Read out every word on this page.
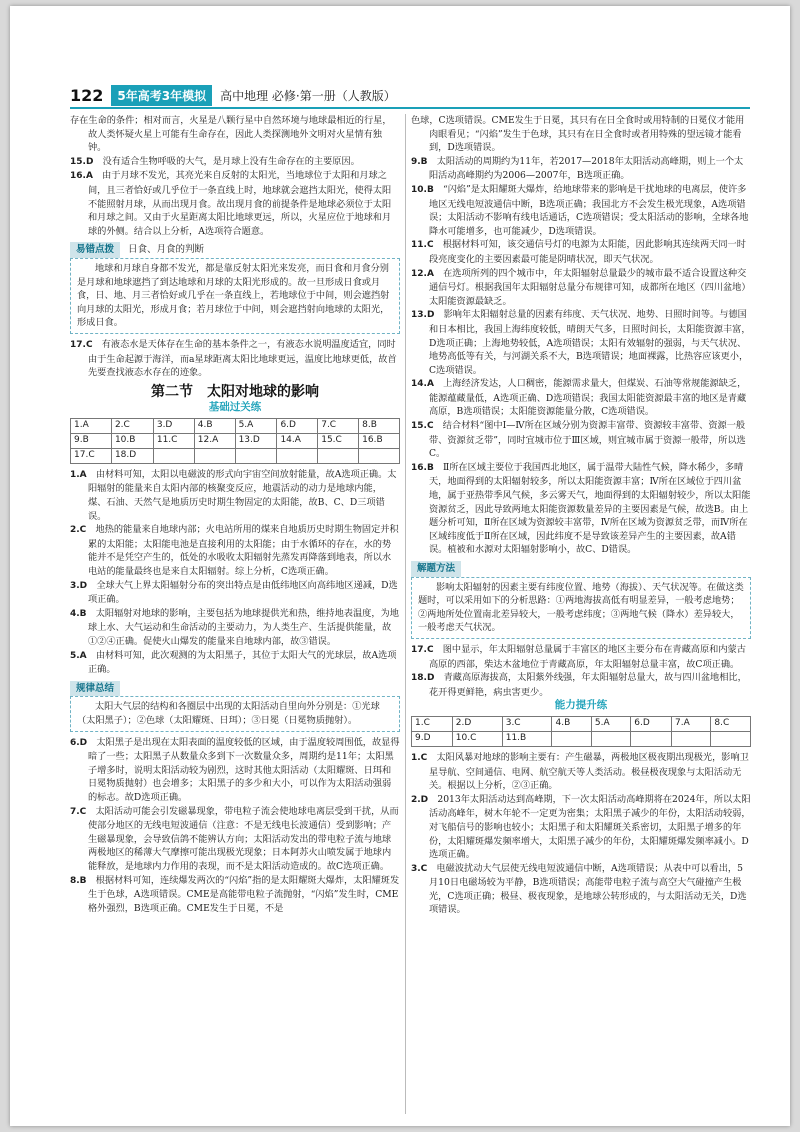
122	5年高考3年模拟	高中地理 必修·第一册（人教版）

存在生命的条件；相对而言，火星是八颗行星中自然环境与地球最相近的行星，故人类怀疑火星上可能有生命存在，因此人类探测地外文明对火星情有独钟。

15.D　 没有适合生物呼吸的大气，是月球上没有生命存在的主要原因。

16.A　 由于月球不发光，其亮光来自反射的太阳光，当地球位于太阳和月球之间，且三者恰好或几乎位于一条直线上时，地球就会遮挡太阳光，使得太阳不能照射月球，从而出现月食。故出现月食的前提条件是地球必须位于太阳和月球之间。又由于火星距离太阳比地球更远，所以，火星应位于地球和月球的外侧。结合以上分析，A选项符合题意。

易错点拨	日食、月食的判断
地球和月球自身都不发光，都是靠反射太阳光来发亮，而日食和月食分别是月球和地球遮挡了到达地球和月球的太阳光形成的。故一旦形成日食或月食，日、地、月三者恰好或几乎在一条直线上，若地球位于中间，则会遮挡射向月球的太阳光，形成月食；若月球位于中间，则会遮挡射向地球的太阳光，形成日食。

17.C　 有液态水是天体存在生命的基本条件之一，有液态水说明温度适宜，同时由于生命起源于海洋，而a星球距离太阳比地球更远，温度比地球更低，故首先要查找液态水存在的迹象。

第二节　太阳对地球的影响
基础过关练
1.A	2.C	3.D	4.B	5.A	6.D	7.C	8.B
9.B	10.B	11.C	12.A	13.D	14.A	15.C	16.B
17.C	18.D						

1.A　 由材料可知，太阳以电磁波的形式向宇宙空间放射能量，故A选项正确。太阳辐射的能量来自太阳内部的核聚变反应，地震活动的动力是地球内能，煤、石油、天然气是地质历史时期生物固定的太阳能，故B、C、D三项错误。

2.C　 地热的能量来自地球内部；火电站所用的煤来自地质历史时期生物固定并积累的太阳能；太阳能电池是直接利用的太阳能；由于水循环的存在，水的势能并不是凭空产生的，低处的水吸收太阳辐射先蒸发再降落到地表，所以水电站的能量最终也是来自太阳辐射。综上分析，C选项正确。

3.D　 全球大气上界太阳辐射分布的突出特点是由低纬地区向高纬地区递减，D选项正确。

4.B　 太阳辐射对地球的影响，主要包括为地球提供光和热，维持地表温度，为地球上水、大气运动和生命活动的主要动力，为人类生产、生活提供能量，故①②④正确。促使火山爆发的能量来自地球内部，故③错误。

5.A　 由材料可知，此次观测的为太阳黑子，其位于太阳大气的光球层，故A选项正确。

规律总结
太阳大气层的结构和各圈层中出现的太阳活动自里向外分别是：①光球（太阳黑子）；②色球（太阳耀斑、日珥）；③日冕（日冕物质抛射）。

6.D　 太阳黑子是出现在太阳表面的温度较低的区域，由于温度较周围低，故显得暗了一些；太阳黑子从数量众多到下一次数量众多，周期约是11年；太阳黑子增多时，说明太阳活动较为剧烈，这时其他太阳活动（太阳耀斑、日珥和日冕物质抛射）也会增多；太阳黑子的多少和大小，可以作为太阳活动强弱的标志。故D选项正确。

7.C　 太阳活动可能会引发磁暴现象，带电粒子流会使地球电离层受到干扰，从而使部分地区的无线电短波通信（注意：不是无线电长波通信）受到影响；产生磁暴现象，会导致信鸽不能辨认方向；太阳活动发出的带电粒子流与地球两极地区的稀薄大气摩擦可能出现极光现象；日本阿苏火山喷发属于地球内能释放，是地球内力作用的表现，而不是太阳活动造成的。故C选项正确。

8.B　 根据材料可知，连续爆发两次的“闪焰”指的是太阳耀斑大爆炸，太阳耀斑发生于色球，A选项错误。CME是高能带电粒子流抛射，“闪焰”发生时，CME格外强烈，B选项正确。CME发生于日冕，不是

色球，C选项错误。CME发生于日冕，其只有在日全食时或用特制的日冕仪才能用肉眼看见；“闪焰”发生于色球，其只有在日全食时或者用特殊的望远镜才能看到，D选项错误。

9.B　 太阳活动的周期约为11年，若2017—2018年太阳活动高峰期，则上一个太阳活动高峰期约为2006—2007年，B选项正确。

10.B　 “闪焰”是太阳耀斑大爆炸，给地球带来的影响是干扰地球的电离层，使许多地区无线电短波通信中断，B选项正确；我国北方不会发生极光现象，A选项错误；太阳活动不影响有线电话通话，C选项错误；受太阳活动的影响，全球各地降水可能增多，也可能减少，D选项错误。

11.C　 根据材料可知，该交通信号灯的电源为太阳能，因此影响其连续两天同一时段亮度变化的主要因素最可能是阴晴状况，即天气状况。

12.A　 在选项所列的四个城市中，年太阳辐射总量最少的城市最不适合设置这种交通信号灯。根据我国年太阳辐射总量分布规律可知，成都所在地区（四川盆地）太阳能资源最缺乏。

13.D　 影响年太阳辐射总量的因素有纬度、天气状况、地势、日照时间等。与德国和日本相比，我国上海纬度较低，晴朗天气多，日照时间长，太阳能资源丰富，D选项正确；上海地势较低，A选项错误；太阳有效辐射的强弱，与天气状况、地势高低等有关，与河湖关系不大，B选项错误；地面裸露，比热容应该更小，C选项错误。

14.A　 上海经济发达，人口稠密，能源需求量大，但煤炭、石油等常规能源缺乏，能源蕴藏量低，A选项正确、D选项错误；我国太阳能资源最丰富的地区是青藏高原，B选项错误；太阳能资源能量分散，C选项错误。

15.C　 结合材料“图中Ⅰ—Ⅳ所在区域分别为资源丰富带、资源较丰富带、资源一般带、资源贫乏带”，同时宜城市位于Ⅲ区域，则宜城市属于资源一般带，所以选C。

16.B　 Ⅱ所在区域主要位于我国西北地区，属于温带大陆性气候，降水稀少，多晴天，地面得到的太阳辐射较多，所以太阳能资源丰富；Ⅳ所在区域位于四川盆地，属于亚热带季风气候，多云雾天气，地面得到的太阳辐射较少，所以太阳能资源贫乏，因此导致两地太阳能资源数量差异的主要因素是气候，故选B。由上题分析可知，Ⅱ所在区域为资源较丰富带，Ⅳ所在区域为资源贫乏带，而Ⅳ所在区域纬度低于Ⅱ所在区域，因此纬度不是导致该差异产生的主要因素，故A错误。植被和水源对太阳辐射影响小，故C、D错误。

解题方法
影响太阳辐射的因素主要有纬度位置、地势（海拔）、天气状况等。在做这类题时，可以采用如下的分析思路：①两地海拔高低有明显差异，一般考虑地势；②两地所处位置南北差异较大，一般考虑纬度；③两地气候（降水）差异较大，一般考虑天气状况。

17.C　 图中显示，年太阳辐射总量属于丰富区的地区主要分布在青藏高原和内蒙古高原的西部，柴达木盆地位于青藏高原，年太阳辐射总量丰富，故C项正确。

18.D　 青藏高原海拔高，太阳紫外线强，年太阳辐射总量大，故与四川盆地相比，花开得更鲜艳，病虫害更少。

能力提升练
1.C	2.D	3.C	4.B	5.A	6.D	7.A	8.C
9.D	10.C	11.B					

1.C　 太阳风暴对地球的影响主要有：产生磁暴，两极地区极夜期出现极光，影响卫星导航、空间通信、电网、航空航天等人类活动。极昼极夜现象与太阳活动无关。根据以上分析，②③正确。

2.D　 2013年太阳活动达到高峰期，下一次太阳活动高峰期将在2024年，所以太阳活动高峰年，树木年轮不一定更为密集；太阳黑子减少的年份，太阳活动较弱，对飞船信号的影响也较小；太阳黑子和太阳耀斑关系密切，太阳黑子增多的年份，太阳耀斑爆发频率增大，太阳黑子减少的年份，太阳耀斑爆发频率减小。D选项正确。

3.C　 电磁波扰动大气层使无线电短波通信中断，A选项错误；从表中可以看出，5月10日电磁场较为平静，B选项错误；高能带电粒子流与高空大气碰撞产生极光，C选项正确；极昼、极夜现象，是地球公转形成的，与太阳活动无关，D选项错误。
